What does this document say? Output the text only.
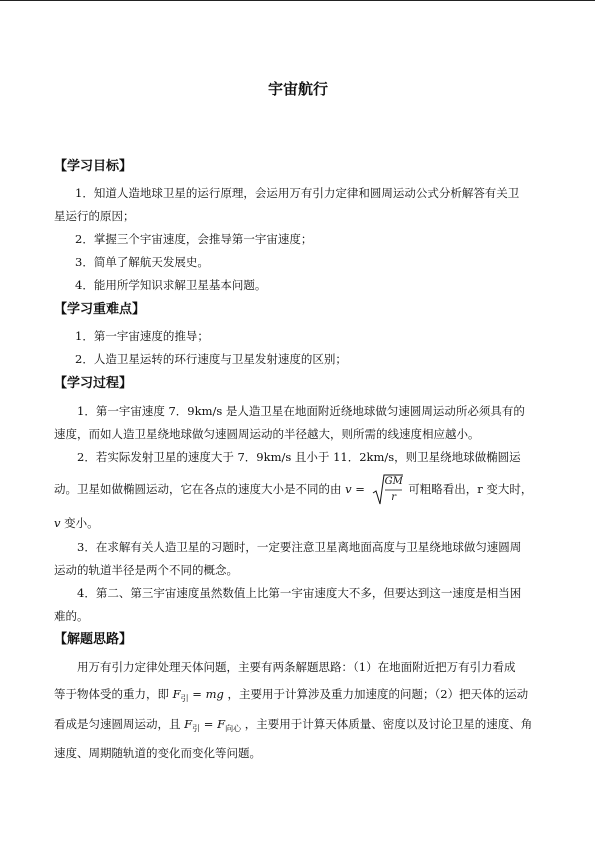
宇宙航行
【学习目标】
1．知道人造地球卫星的运行原理，会运用万有引力定律和圆周运动公式分析解答有关卫
星运行的原因；
2．掌握三个宇宙速度，会推导第一宇宙速度；
3．简单了解航天发展史。
4．能用所学知识求解卫星基本问题。
【学习重难点】
1．第一宇宙速度的推导；
2．人造卫星运转的环行速度与卫星发射速度的区别；
【学习过程】
1．第一宇宙速度 7．9km/s 是人造卫星在地面附近绕地球做匀速圆周运动所必须具有的
速度，而如人造卫星绕地球做匀速圆周运动的半径越大，则所需的线速度相应越小。
2．若实际发射卫星的速度大于 7．9km/s 且小于 11．2km/s，则卫星绕地球做椭圆运
动。卫星如做椭圆运动，它在各点的速度大小是不同的由 v =
GM
r
可粗略看出，r 变大时，
v 变小。
3．在求解有关人造卫星的习题时，一定要注意卫星离地面高度与卫星绕地球做匀速圆周
运动的轨道半径是两个不同的概念。
4．第二、第三宇宙速度虽然数值上比第一宇宙速度大不多，但要达到这一速度是相当困
难的。
【解题思路】
用万有引力定律处理天体问题，主要有两条解题思路：（1）在地面附近把万有引力看成
等于物体受的重力，即 $F_引$ = mg ，主要用于计算涉及重力加速度的问题；（2）把天体的运动
看成是匀速圆周运动，且 $F_引 = F_{向心}$ ，主要用于计算天体质量、密度以及讨论卫星的速度、角
速度、周期随轨道的变化而变化等问题。
